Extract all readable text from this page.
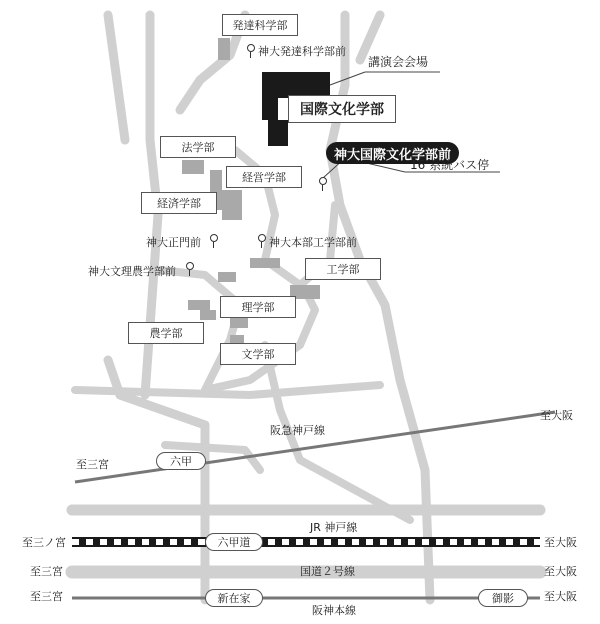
発達科学部
国際文化学部
法学部
経営学部
経済学部
工学部
理学部
農学部
文学部
神大発達科学部前
神大正門前	神大本部工学部前
神大文理農学部前
講演会会場
神大国際文化学部前
16 系統バス停
阪急神戸線
JR 神戸線
国道２号線
阪神本線
六甲
六甲道
新在家	御影
至大阪
至三宮
至三ノ宮	至大阪
至三宮	至大阪
至三宮	至大阪
